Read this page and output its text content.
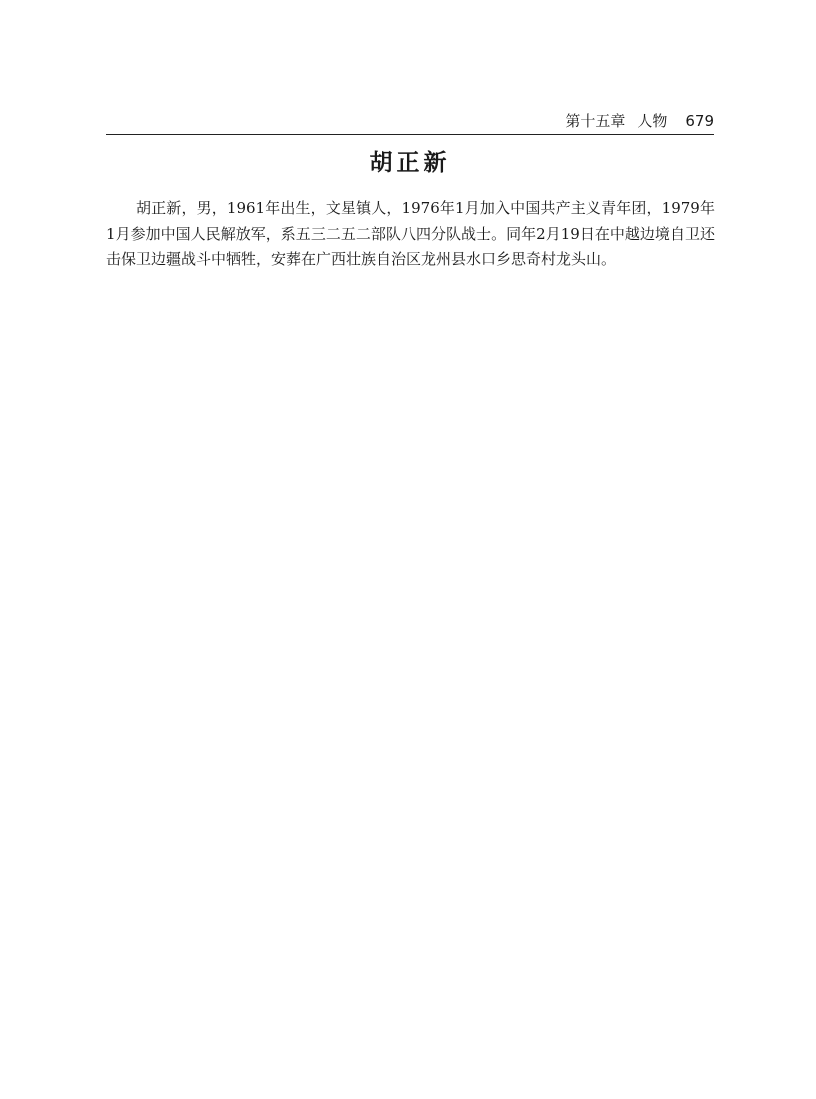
第十五章 人物 679
胡正新

胡正新，男，1961年出生，文星镇人，1976年1月加入中国共产主义青年团，1979年1月参加中国人民解放军，系五三二五二部队八四分队战士。同年2月19日在中越边境自卫还击保卫边疆战斗中牺牲，安葬在广西壮族自治区龙州县水口乡思奇村龙头山。
